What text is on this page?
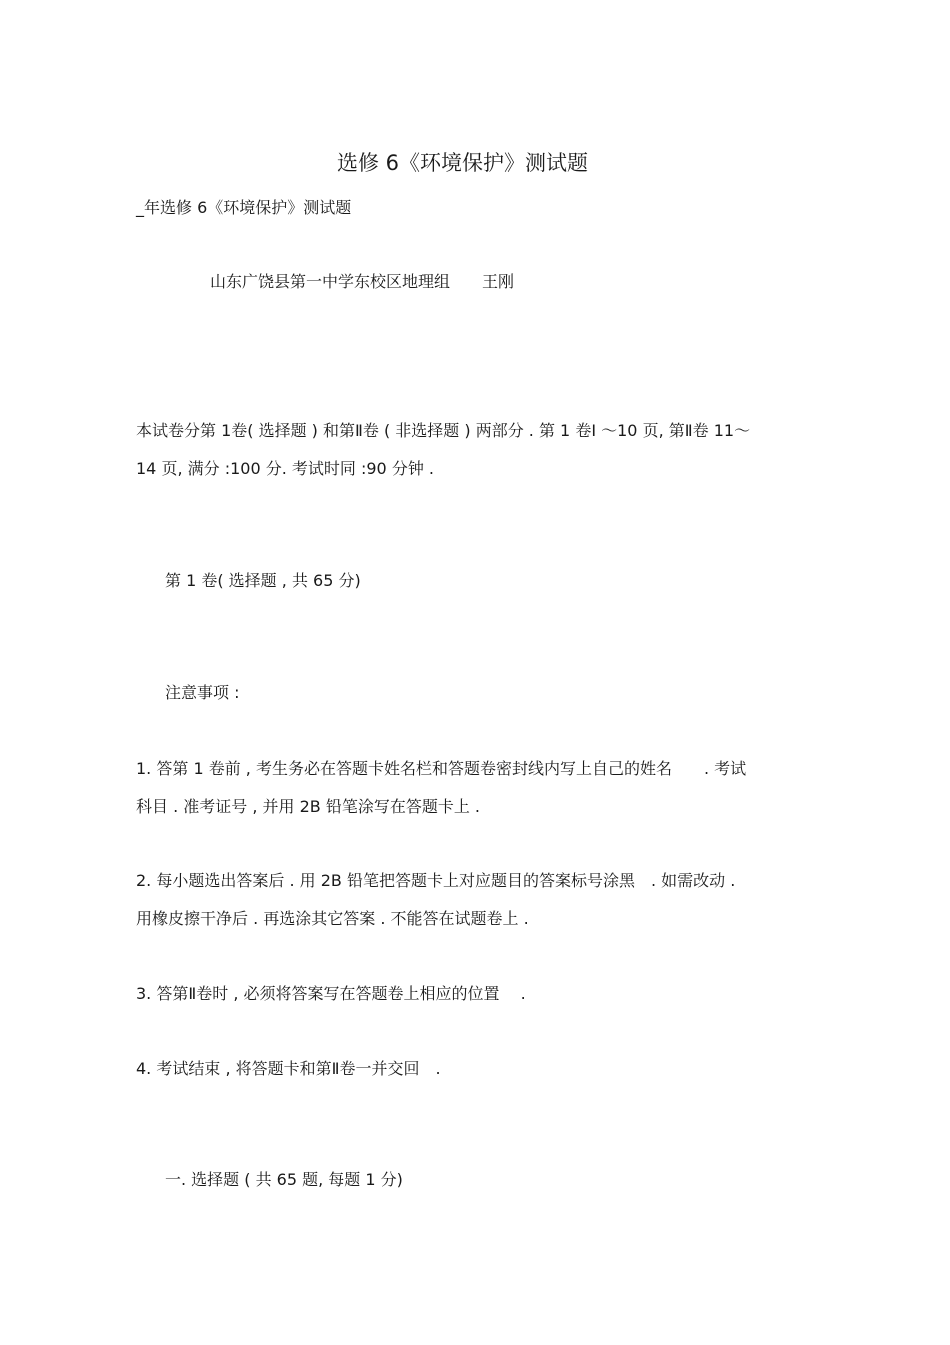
选修 6《环境保护》测试题
_年选修 6《环境保护》测试题
山东广饶县第一中学东校区地理组　　王刚
本试卷分第 1卷( 选择题 ) 和第Ⅱ卷 ( 非选择题 ) 两部分 . 第 1 卷Ⅰ ～10 页, 第Ⅱ卷 11～
14 页, 满分 :100 分. 考试时同 :90 分钟 .
第 1 卷( 选择题 , 共 65 分)
注意事项 :
1. 答第 1 卷前 , 考生务必在答题卡姓名栏和答题卷密封线内写上自己的姓名　　. 考试
科目 . 准考证号 , 并用 2B 铅笔涂写在答题卡上 .
2. 每小题选出答案后 . 用 2B 铅笔把答题卡上对应题目的答案标号涂黑　. 如需改动 .
用橡皮擦干净后 . 再选涂其它答案 . 不能答在试题卷上 .
3. 答第Ⅱ卷时 , 必须将答案写在答题卷上相应的位置　 .
4. 考试结束 , 将答题卡和第Ⅱ卷一并交回　.
一. 选择题 ( 共 65 题, 每题 1 分)
